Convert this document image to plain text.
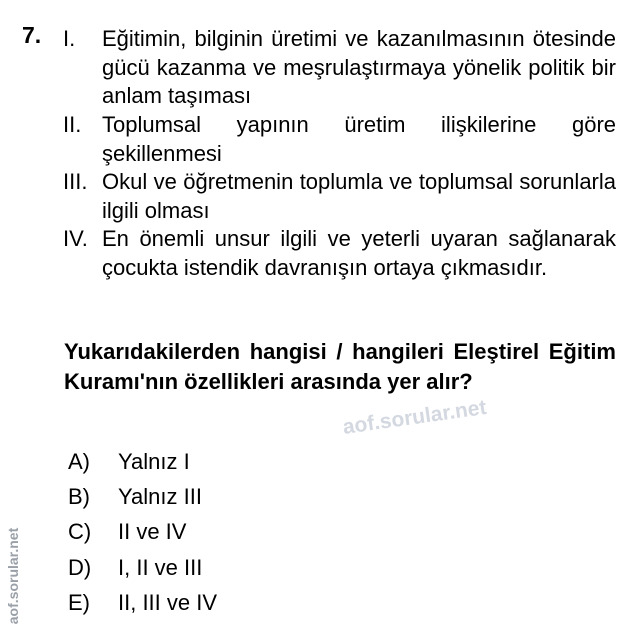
7. I. Eğitimin, bilginin üretimi ve kazanılmasının ötesinde gücü kazanma ve meşrulaştırmaya yönelik politik bir anlam taşıması
II. Toplumsal yapının üretim ilişkilerine göre şekillenmesi
III. Okul ve öğretmenin toplumla ve toplumsal sorunlarla ilgili olması
IV. En önemli unsur ilgili ve yeterli uyaran sağlanarak çocukta istendik davranışın ortaya çıkmasıdır.
Yukarıdakilerden hangisi / hangileri Eleştirel Eğitim Kuramı'nın özellikleri arasında yer alır?
aof.sorular.net
aof.sorular.net
A) Yalnız I
B) Yalnız III
C) II ve IV
D) I, II ve III
E) II, III ve IV
